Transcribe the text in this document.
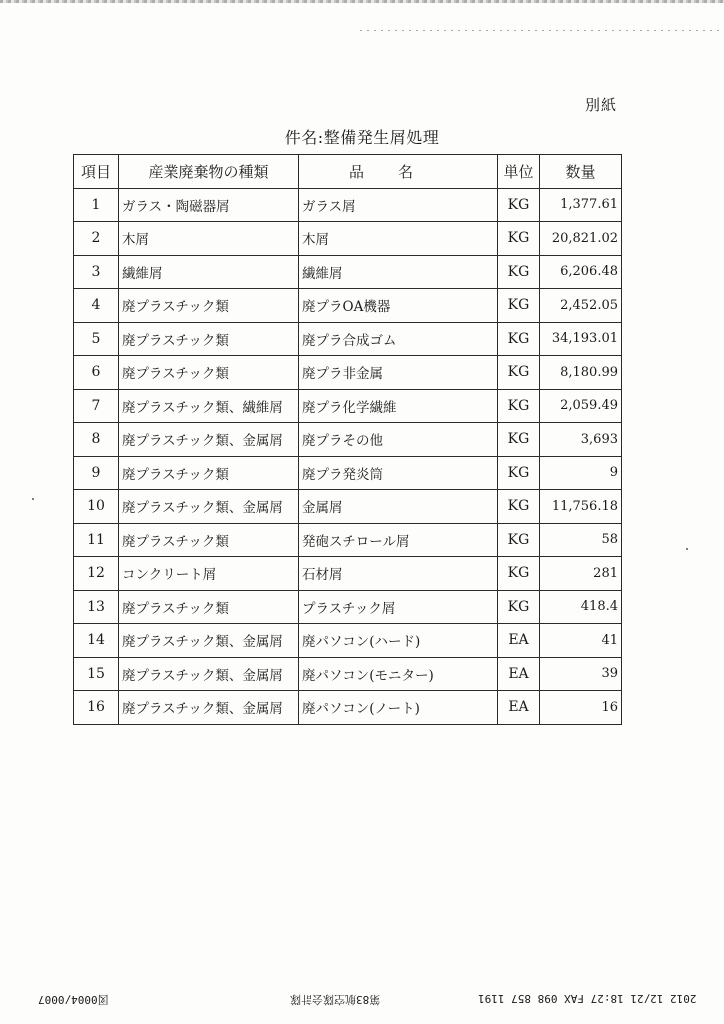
別紙
件名:整備発生屑処理
項目	産業廃棄物の種類	品名	単位	数量
1	ガラス・陶磁器屑	ガラス屑	KG	1,377.61
2	木屑	木屑	KG	20,821.02
3	繊維屑	繊維屑	KG	6,206.48
4	廃プラスチック類	廃プラOA機器	KG	2,452.05
5	廃プラスチック類	廃プラ合成ゴム	KG	34,193.01
6	廃プラスチック類	廃プラ非金属	KG	8,180.99
7	廃プラスチック類、繊維屑	廃プラ化学繊維	KG	2,059.49
8	廃プラスチック類、金属屑	廃プラその他	KG	3,693
9	廃プラスチック類	廃プラ発炎筒	KG	9
10	廃プラスチック類、金属屑	金属屑	KG	11,756.18
11	廃プラスチック類	発砲スチロール屑	KG	58
12	コンクリート屑	石材屑	KG	281
13	廃プラスチック類	プラスチック屑	KG	418.4
14	廃プラスチック類、金属屑	廃パソコン(ハード)	EA	41
15	廃プラスチック類、金属屑	廃パソコン(モニター)	EA	39
16	廃プラスチック類、金属屑	廃パソコン(ノート)	EA	16
図0004/0007	第83航空隊会計隊	2012 12/21 18:27 FAX 098 857 1191
